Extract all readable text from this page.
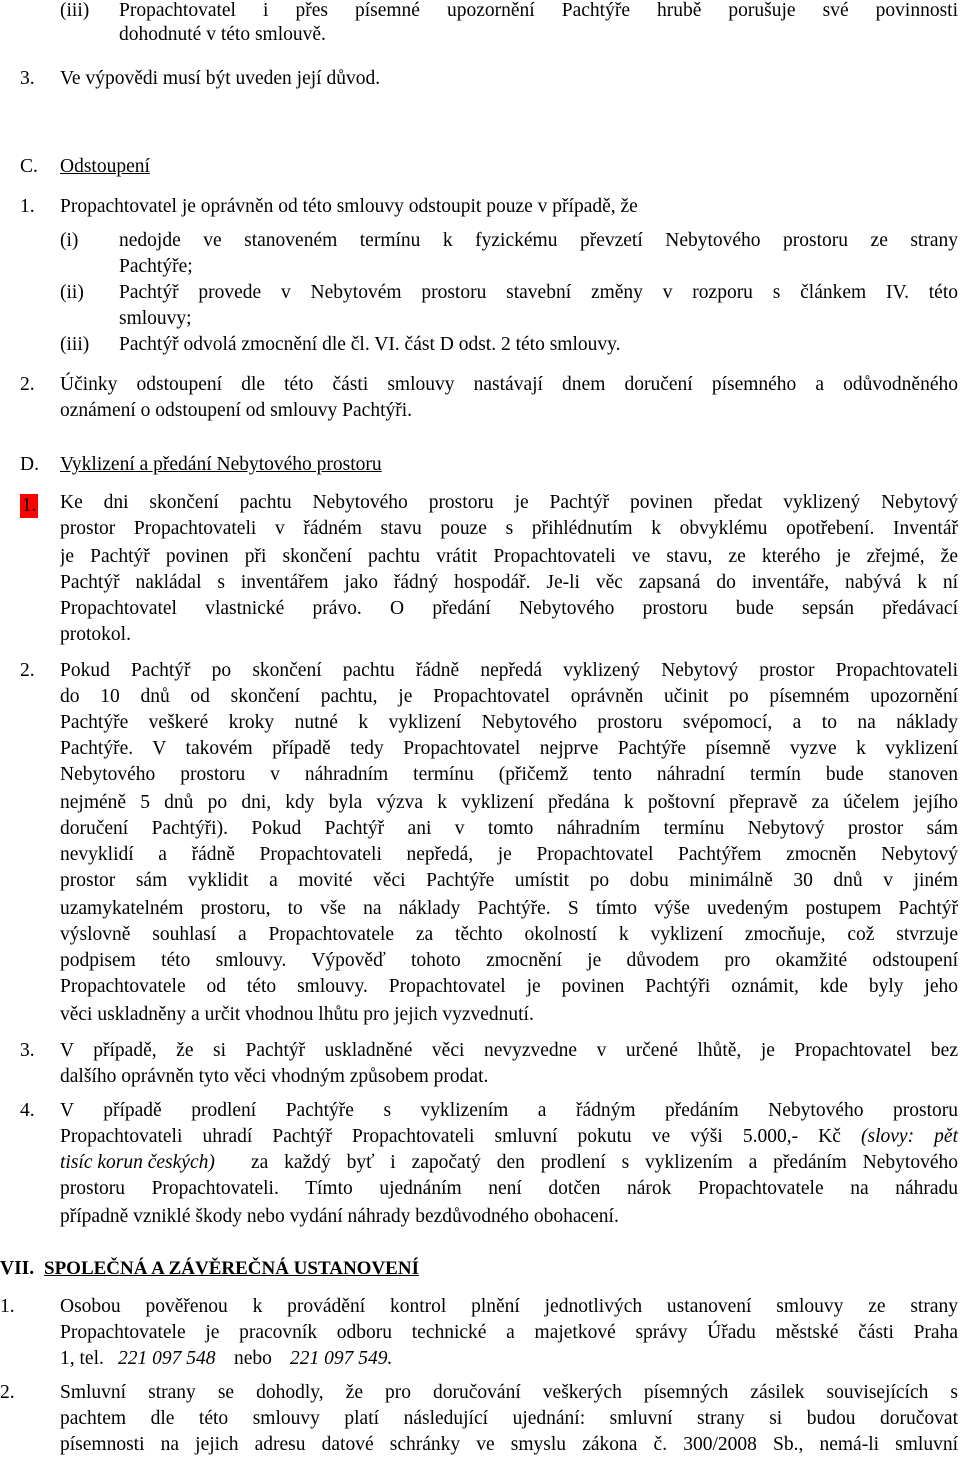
(iii)	Propachtovatel i přes písemné upozornění Pachtýře hrubě porušuje své povinnosti
dohodnuté v této smlouvě.
3. Ve výpovědi musí být uveden její důvod.
C. Odstoupení
1. Propachtovatel je oprávněn od této smlouvy odstoupit pouze v případě, že
(i) nedojde ve stanoveném termínu k fyzickému převzetí Nebytového prostoru ze strany
Pachtýře;
(ii) Pachtýř provede v Nebytovém prostoru stavební změny v rozporu s článkem IV. této
smlouvy;
(iii) Pachtýř odvolá zmocnění dle čl. VI. část D odst. 2 této smlouvy.
2. Účinky odstoupení dle této části smlouvy nastávají dnem doručení písemného a odůvodněného
oznámení o odstoupení od smlouvy Pachtýři.
D. Vyklizení a předání Nebytového prostoru
Ke dni skončení pachtu Nebytového prostoru je Pachtýř povinen předat vyklizený Nebytový
prostor Propachtovateli v řádném stavu pouze s přihlédnutím k obvyklému opotřebení. Inventář
je Pachtýř povinen při skončení pachtu vrátit Propachtovateli ve stavu, ze kterého je zřejmé, že
Pachtýř nakládal s inventářem jako řádný hospodář. Je-li věc zapsaná do inventáře, nabývá k ní
Propachtovatel vlastnické právo. O předání Nebytového prostoru bude sepsán předávací
protokol.
2. Pokud Pachtýř po skončení pachtu řádně nepředá vyklizený Nebytový prostor Propachtovateli
do 10 dnů od skončení pachtu, je Propachtovatel oprávněn učinit po písemném upozornění
Pachtýře veškeré kroky nutné k vyklizení Nebytového prostoru svépomocí, a to na náklady
Pachtýře. V takovém případě tedy Propachtovatel nejprve Pachtýře písemně vyzve k vyklizení
Nebytového prostoru v náhradním termínu (přičemž tento náhradní termín bude stanoven
nejméně 5 dnů po dni, kdy byla výzva k vyklizení předána k poštovní přepravě za účelem jejího
doručení Pachtýři). Pokud Pachtýř ani v tomto náhradním termínu Nebytový prostor sám
nevyklidí a řádně Propachtovateli nepředá, je Propachtovatel Pachtýřem zmocněn Nebytový
prostor sám vyklidit a movité věci Pachtýře umístit po dobu minimálně 30 dnů v jiném
uzamykatelném prostoru, to vše na náklady Pachtýře. S tímto výše uvedeným postupem Pachtýř
výslovně souhlasí a Propachtovatele za těchto okolností k vyklizení zmocňuje, což stvrzuje
podpisem této smlouvy. Výpověď tohoto zmocnění je důvodem pro okamžité odstoupení
Propachtovatele od této smlouvy. Propachtovatel je povinen Pachtýři oznámit, kde byly jeho
věci uskladněny a určit vhodnou lhůtu pro jejich vyzvednutí.
3. V případě, že si Pachtýř uskladněné věci nevyzvedne v určené lhůtě, je Propachtovatel bez
dalšího oprávněn tyto věci vhodným způsobem prodat.
4. V případě prodlení Pachtýře s vyklizením a řádným předáním Nebytového prostoru
Propachtovateli uhradí Pachtýř Propachtovateli smluvní pokutu ve výši 5.000,- Kč (slovy: pět
tisíc korun českých) za každý byť i započatý den prodlení s vyklizením a předáním Nebytového
prostoru Propachtovateli. Tímto ujednáním není dotčen nárok Propachtovatele na náhradu
případně vzniklé škody nebo vydání náhrady bezdůvodného obohacení.
VII. SPOLEČNÁ A ZÁVĚREČNÁ USTANOVENÍ
1. Osobou pověřenou k provádění kontrol plnění jednotlivých ustanovení smlouvy ze strany
Propachtovatele je pracovník odboru technické a majetkové správy Úřadu městské části Praha
1, tel. 221 097 548 nebo 221 097 549.
2. Smluvní strany se dohodly, že pro doručování veškerých písemných zásilek souvisejících s
pachtem dle této smlouvy platí následující ujednání: smluvní strany si budou doručovat
písemnosti na jejich adresu datové schránky ve smyslu zákona č. 300/2008 Sb., nemá-li smluvní
1.
